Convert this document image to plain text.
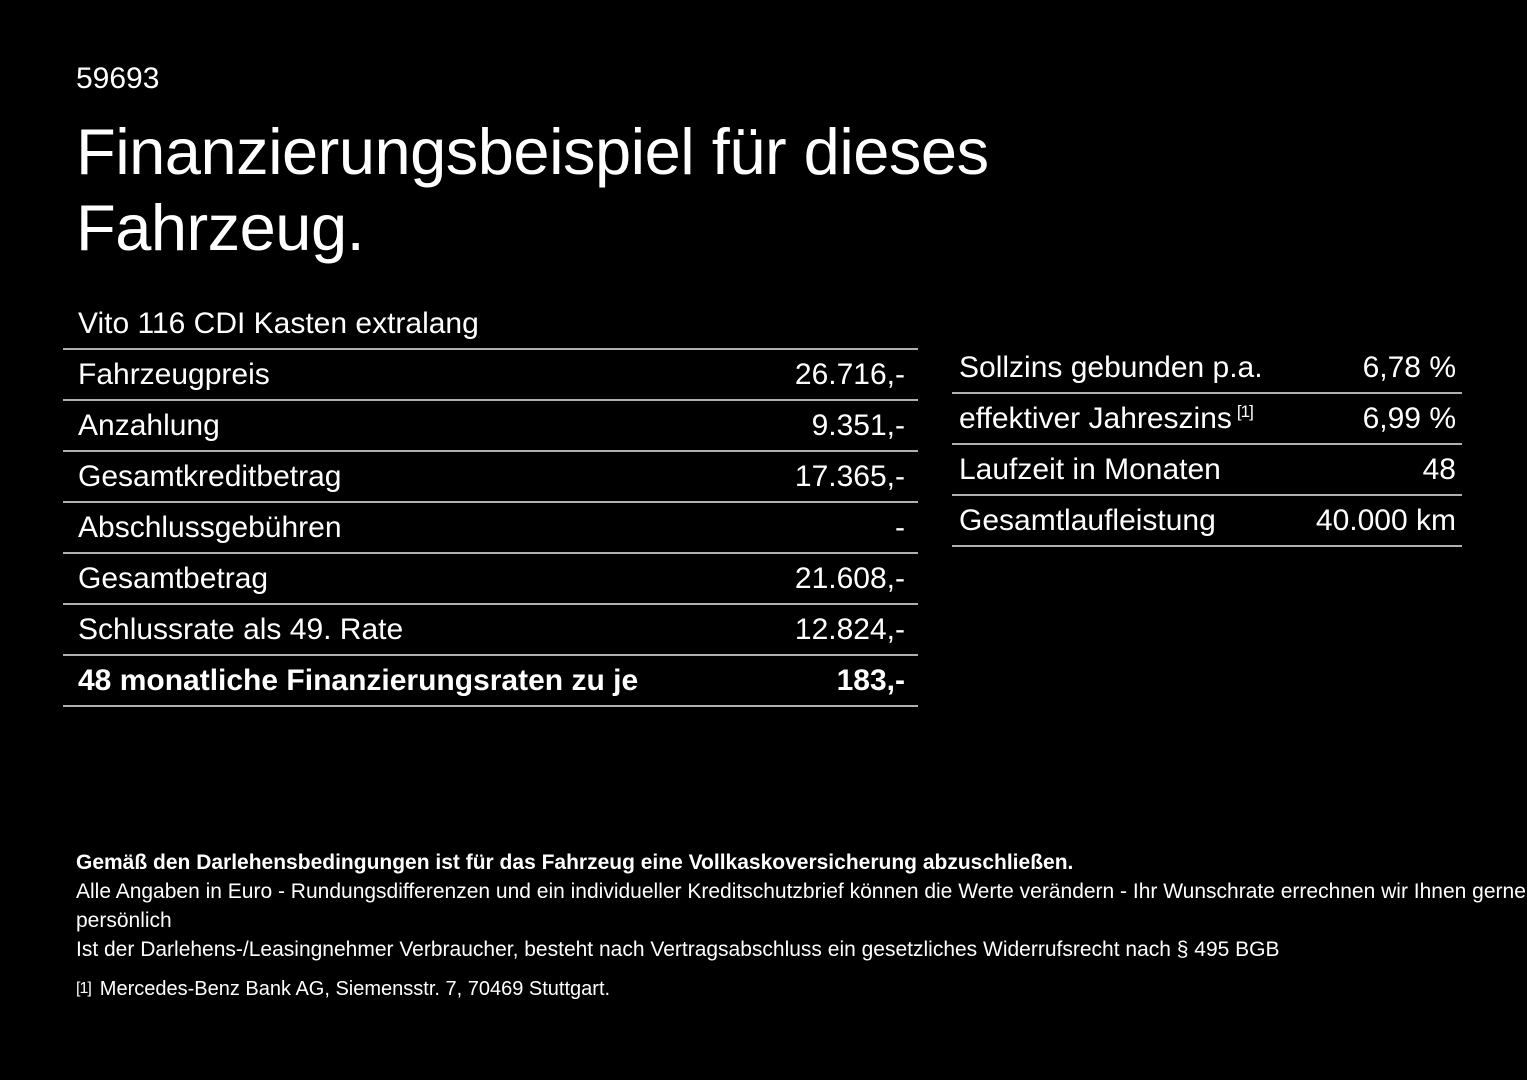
59693
Finanzierungsbeispiel für dieses Fahrzeug.
Vito 116 CDI Kasten extralang
Fahrzeugpreis	26.716,-
Anzahlung	9.351,-
Gesamtkreditbetrag	17.365,-
Abschlussgebühren	-
Gesamtbetrag	21.608,-
Schlussrate als 49. Rate	12.824,-
48 monatliche Finanzierungsraten zu je	183,-
Sollzins gebunden p.a.	6,78 %
effektiver Jahreszins [1]	6,99 %
Laufzeit in Monaten	48
Gesamtlaufleistung	40.000 km
Gemäß den Darlehensbedingungen ist für das Fahrzeug eine Vollkaskoversicherung abzuschließen.
Alle Angaben in Euro - Rundungsdifferenzen und ein individueller Kreditschutzbrief können die Werte verändern - Ihr Wunschrate errechnen wir Ihnen gerne persönlich
Ist der Darlehens-/Leasingnehmer Verbraucher, besteht nach Vertragsabschluss ein gesetzliches Widerrufsrecht nach § 495 BGB
[1] Mercedes-Benz Bank AG, Siemensstr. 7, 70469 Stuttgart.
